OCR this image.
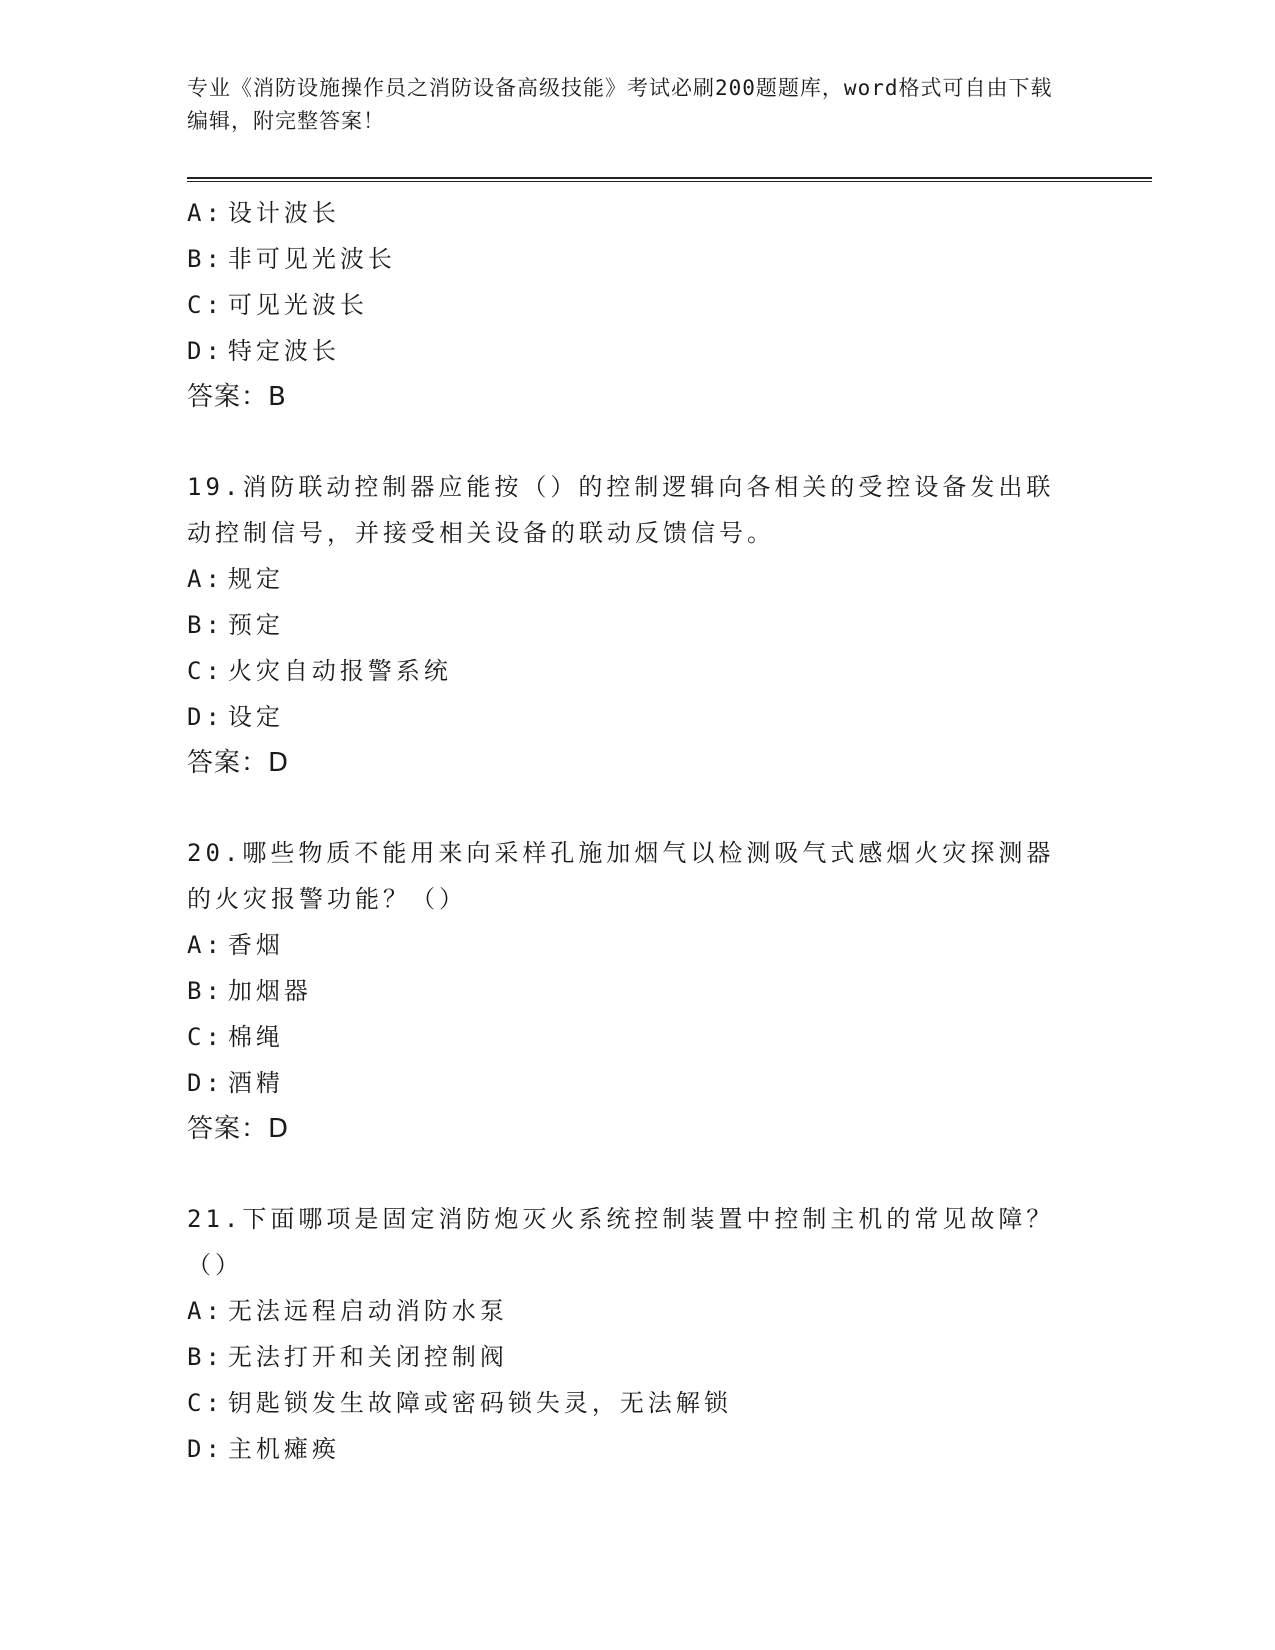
专业《消防设施操作员之消防设备高级技能》考试必刷200题题库，word格式可自由下载编辑，附完整答案！
A: 设计波长
B: 非可见光波长
C: 可见光波长
D: 特定波长
答案：B
19.消防联动控制器应能按（）的控制逻辑向各相关的受控设备发出联动控制信号，并接受相关设备的联动反馈信号。
A: 规定
B: 预定
C: 火灾自动报警系统
D: 设定
答案：D
20.哪些物质不能用来向采样孔施加烟气以检测吸气式感烟火灾探测器的火灾报警功能？（）
A: 香烟
B: 加烟器
C: 棉绳
D: 酒精
答案：D
21.下面哪项是固定消防炮灭火系统控制装置中控制主机的常见故障？（）
A: 无法远程启动消防水泵
B: 无法打开和关闭控制阀
C: 钥匙锁发生故障或密码锁失灵，无法解锁
D: 主机瘫痪
